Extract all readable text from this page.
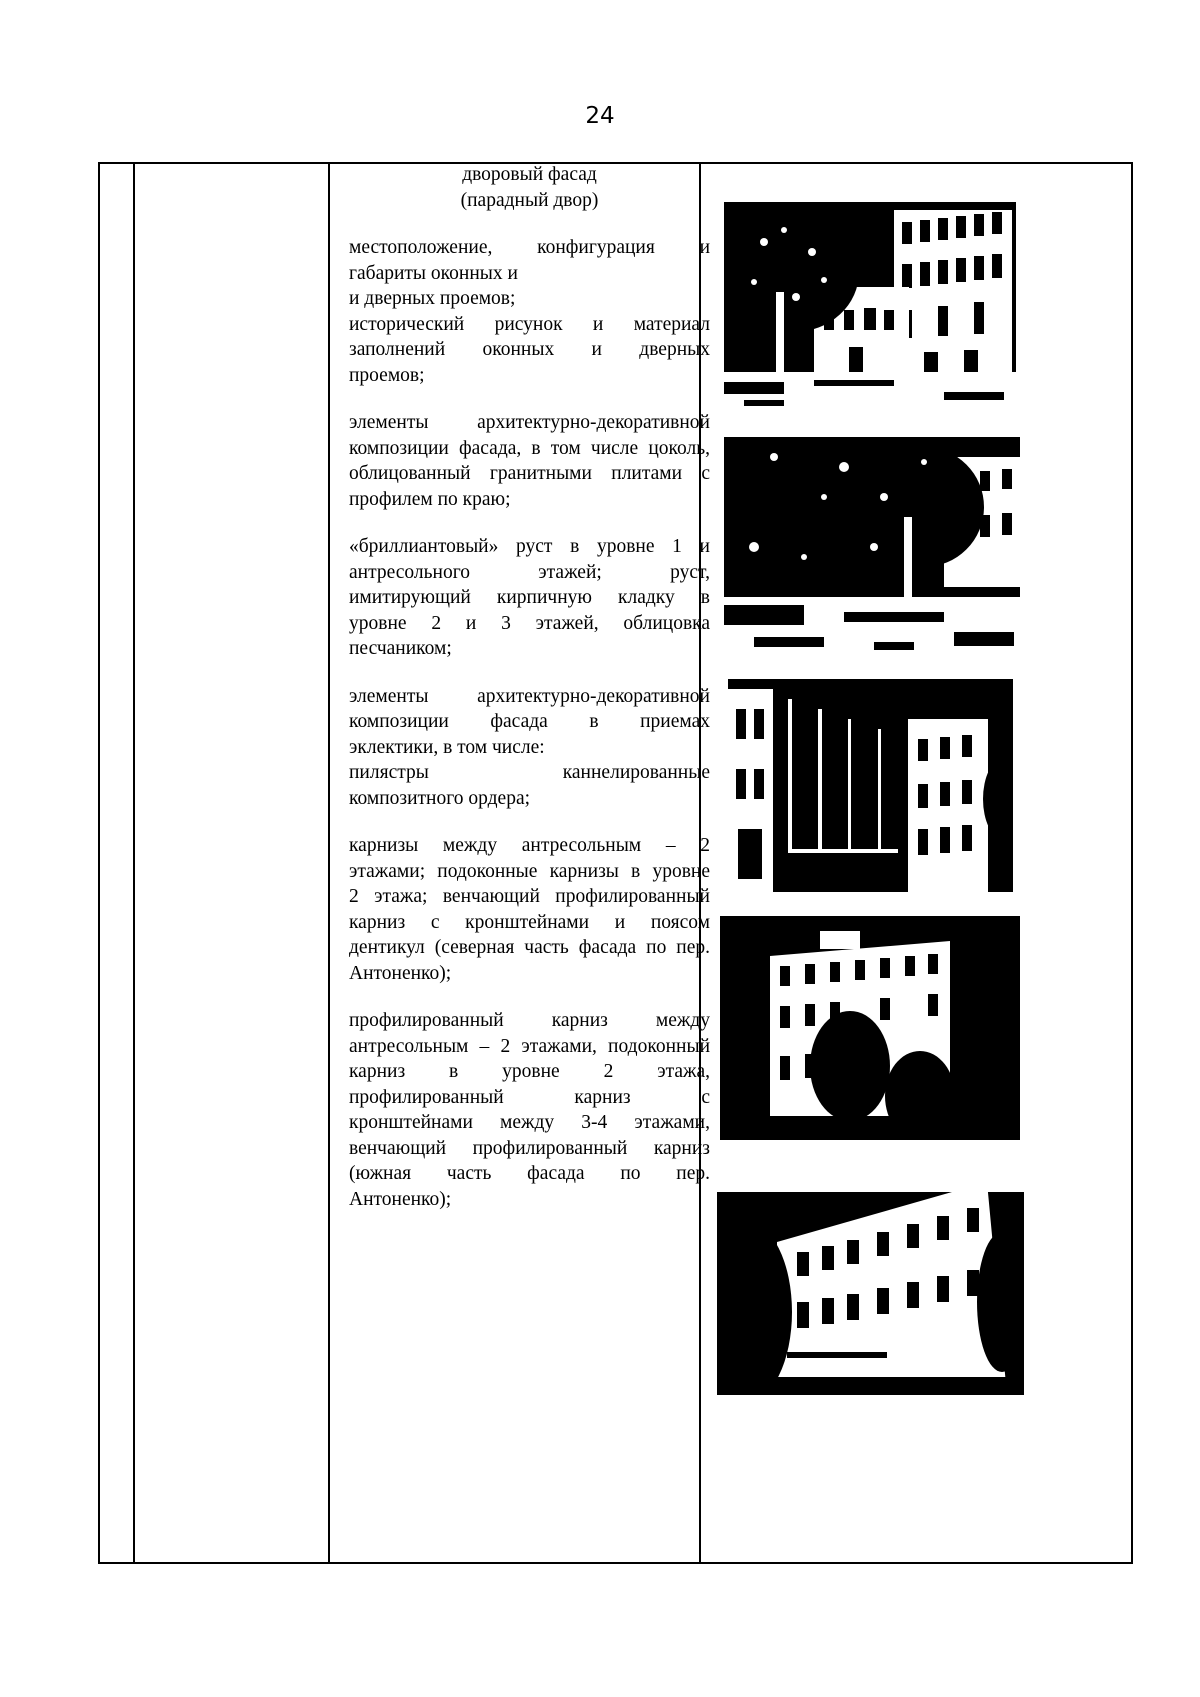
24
дворовый фасад
(парадный двор)
местоположение, конфигурация и
габариты оконных и
и дверных проемов;
исторический рисунок и материал
заполнений оконных и дверных
проемов;
элементы архитектурно-декоративной
композиции фасада, в том числе цоколь,
облицованный гранитными плитами с
профилем по краю;
«бриллиантовый» руст в уровне 1 и
антресольного этажей; руст,
имитирующий кирпичную кладку в
уровне 2 и 3 этажей, облицовка
песчаником;
элементы архитектурно-декоративной
композиции фасада в приемах
эклектики, в том числе:
пилястры каннелированные
композитного ордера;
карнизы между антресольным – 2
этажами; подоконные карнизы в уровне
2 этажа; венчающий профилированный
карниз с кронштейнами и поясом
дентикул (северная часть фасада по пер.
Антоненко);
профилированный карниз между
антресольным – 2 этажами, подоконный
карниз в уровне 2 этажа,
профилированный карниз с
кронштейнами между 3-4 этажами,
венчающий профилированный карниз
(южная часть фасада по пер.
Антоненко);
